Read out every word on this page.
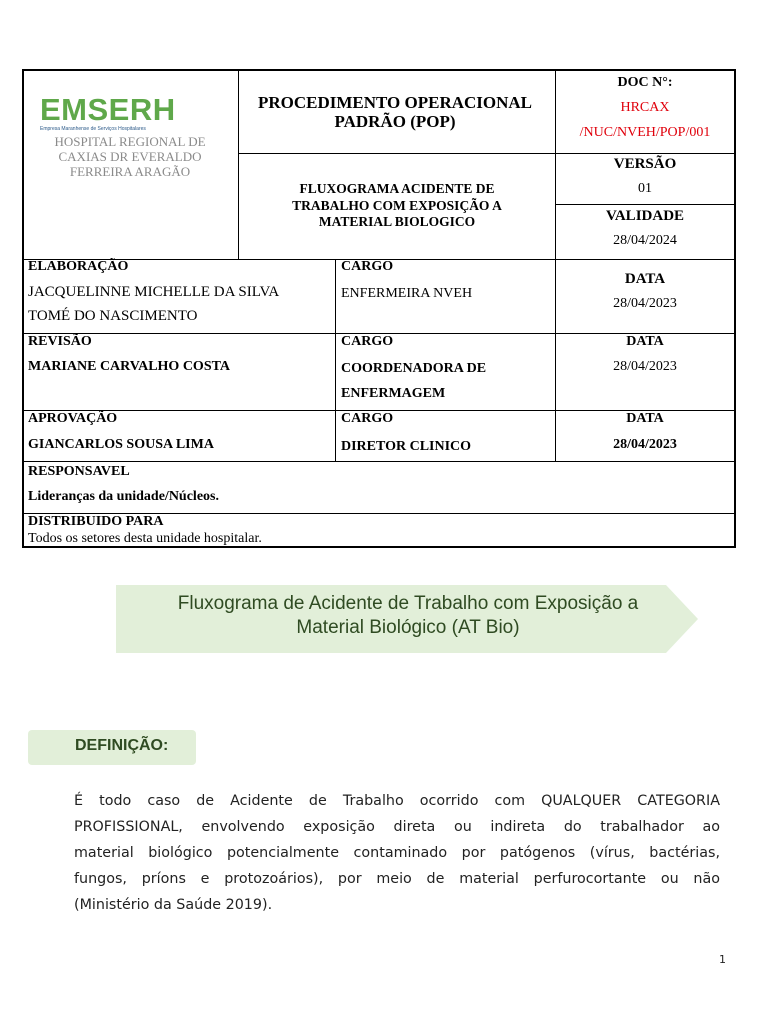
EMSERH
Empresa Maranhense de Serviços Hospitalares
HOSPITAL REGIONAL DE CAXIAS DR EVERALDO FERREIRA ARAGÃO
PROCEDIMENTO OPERACIONAL PADRÃO (POP)
FLUXOGRAMA ACIDENTE DE TRABALHO COM EXPOSIÇÃO A MATERIAL BIOLOGICO
DOC N°:
HRCAX
/NUC/NVEH/POP/001
VERSÃO
01
VALIDADE
28/04/2024
ELABORAÇÃO
JACQUELINNE MICHELLE DA SILVA
TOMÉ DO NASCIMENTO
CARGO
ENFERMEIRA NVEH
DATA
28/04/2023
REVISÃO
MARIANE CARVALHO COSTA
CARGO
COORDENADORA DE
ENFERMAGEM
DATA
28/04/2023
APROVAÇÃO
GIANCARLOS SOUSA LIMA
CARGO
DIRETOR CLINICO
DATA
28/04/2023
RESPONSAVEL
Lideranças da unidade/Núcleos.
DISTRIBUIDO PARA
Todos os setores desta unidade hospitalar.
Fluxograma de Acidente de Trabalho com Exposição a
Material Biológico (AT Bio)
DEFINIÇÃO:
É todo caso de Acidente de Trabalho ocorrido com QUALQUER CATEGORIA
PROFISSIONAL, envolvendo exposição direta ou indireta do trabalhador ao
material biológico potencialmente contaminado por patógenos (vírus, bactérias,
fungos, príons e protozoários), por meio de material perfurocortante ou não
(Ministério da Saúde 2019).
1
